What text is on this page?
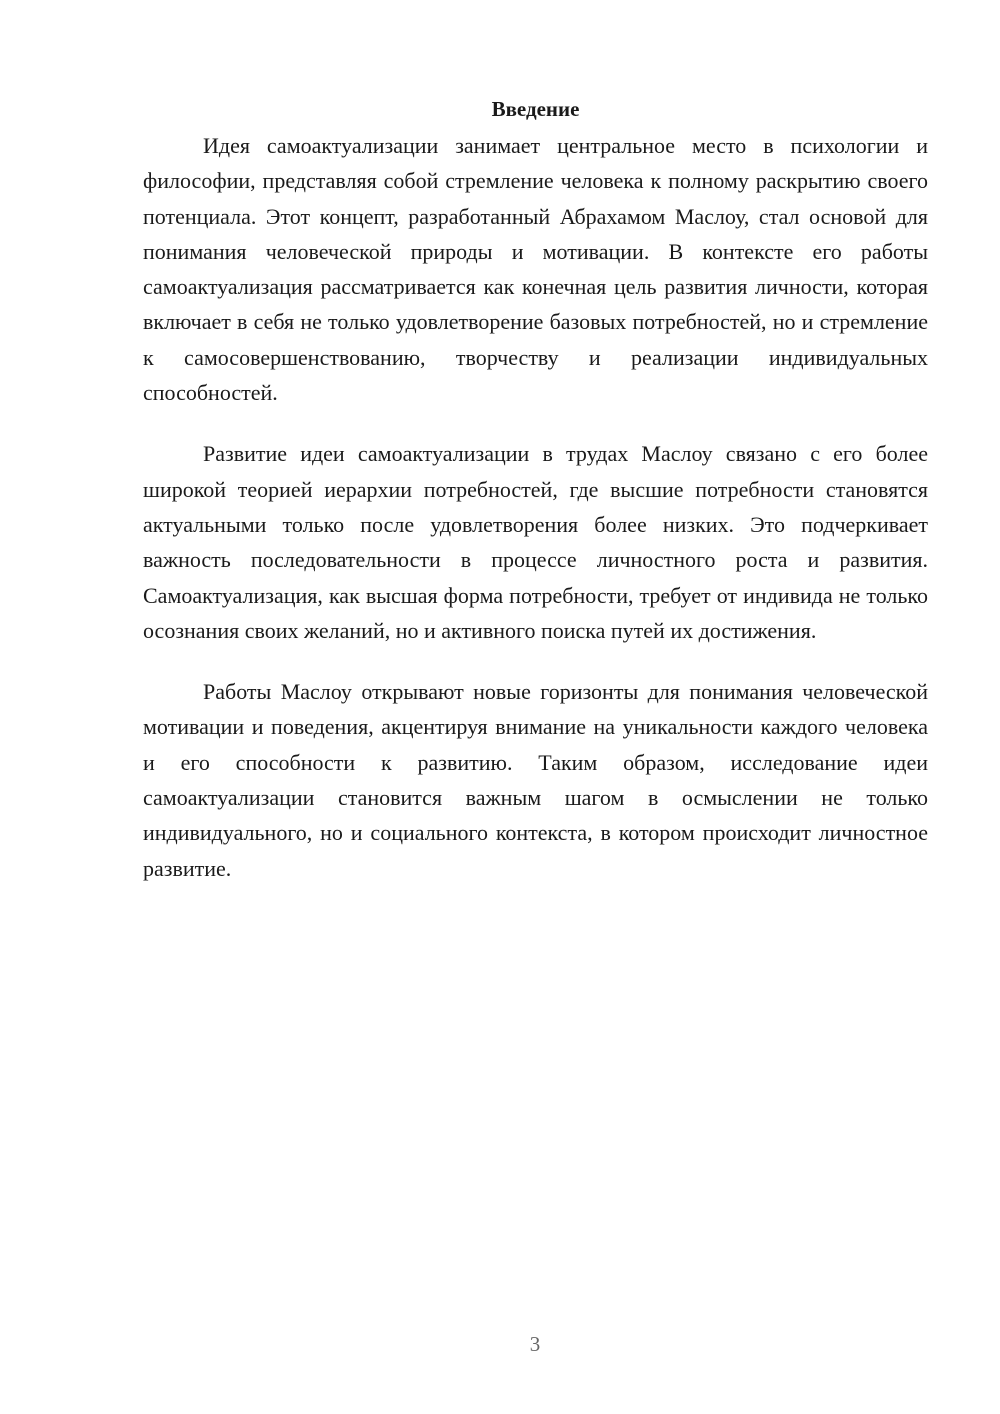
Введение

Идея самоактуализации занимает центральное место в психологии и философии, представляя собой стремление человека к полному раскрытию своего потенциала. Этот концепт, разработанный Абрахамом Маслоу, стал основой для понимания человеческой природы и мотивации. В контексте его работы самоактуализация рассматривается как конечная цель развития личности, которая включает в себя не только удовлетворение базовых потребностей, но и стремление к самосовершенствованию, творчеству и реализации индивидуальных способностей.

Развитие идеи самоактуализации в трудах Маслоу связано с его более широкой теорией иерархии потребностей, где высшие потребности становятся актуальными только после удовлетворения более низких. Это подчеркивает важность последовательности в процессе личностного роста и развития. Самоактуализация, как высшая форма потребности, требует от индивида не только осознания своих желаний, но и активного поиска путей их достижения.

Работы Маслоу открывают новые горизонты для понимания человеческой мотивации и поведения, акцентируя внимание на уникальности каждого человека и его способности к развитию. Таким образом, исследование идеи самоактуализации становится важным шагом в осмыслении не только индивидуального, но и социального контекста, в котором происходит личностное развитие.

3
